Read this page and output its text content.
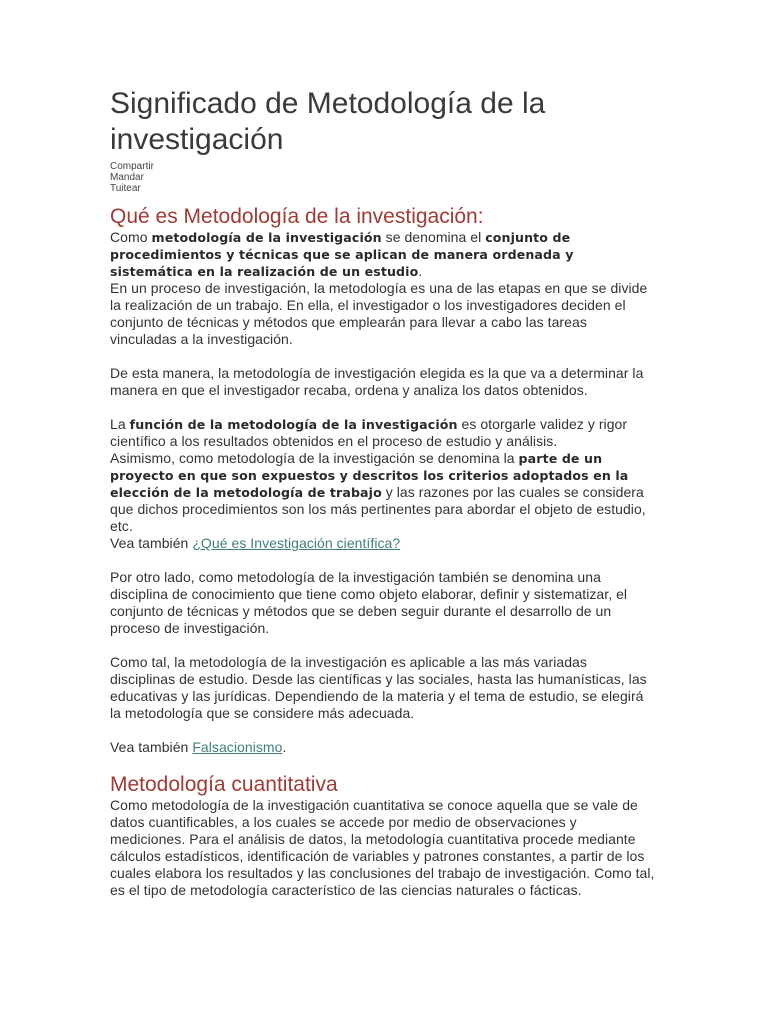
Significado de Metodología de la investigación
Compartir
Mandar
Tuitear
Qué es Metodología de la investigación:

Como metodología de la investigación se denomina el conjunto de procedimientos y técnicas que se aplican de manera ordenada y sistemática en la realización de un estudio.

En un proceso de investigación, la metodología es una de las etapas en que se divide la realización de un trabajo. En ella, el investigador o los investigadores deciden el conjunto de técnicas y métodos que emplearán para llevar a cabo las tareas vinculadas a la investigación.

De esta manera, la metodología de investigación elegida es la que va a determinar la manera en que el investigador recaba, ordena y analiza los datos obtenidos.

La función de la metodología de la investigación es otorgarle validez y rigor científico a los resultados obtenidos en el proceso de estudio y análisis.

Asimismo, como metodología de la investigación se denomina la parte de un proyecto en que son expuestos y descritos los criterios adoptados en la elección de la metodología de trabajo y las razones por las cuales se considera que dichos procedimientos son los más pertinentes para abordar el objeto de estudio, etc.

Vea también ¿Qué es Investigación científica?

Por otro lado, como metodología de la investigación también se denomina una disciplina de conocimiento que tiene como objeto elaborar, definir y sistematizar, el conjunto de técnicas y métodos que se deben seguir durante el desarrollo de un proceso de investigación.

Como tal, la metodología de la investigación es aplicable a las más variadas disciplinas de estudio. Desde las científicas y las sociales, hasta las humanísticas, las educativas y las jurídicas. Dependiendo de la materia y el tema de estudio, se elegirá la metodología que se considere más adecuada.

Vea también Falsacionismo.

Metodología cuantitativa

Como metodología de la investigación cuantitativa se conoce aquella que se vale de datos cuantificables, a los cuales se accede por medio de observaciones y mediciones. Para el análisis de datos, la metodología cuantitativa procede mediante cálculos estadísticos, identificación de variables y patrones constantes, a partir de los cuales elabora los resultados y las conclusiones del trabajo de investigación. Como tal, es el tipo de metodología característico de las ciencias naturales o fácticas.
